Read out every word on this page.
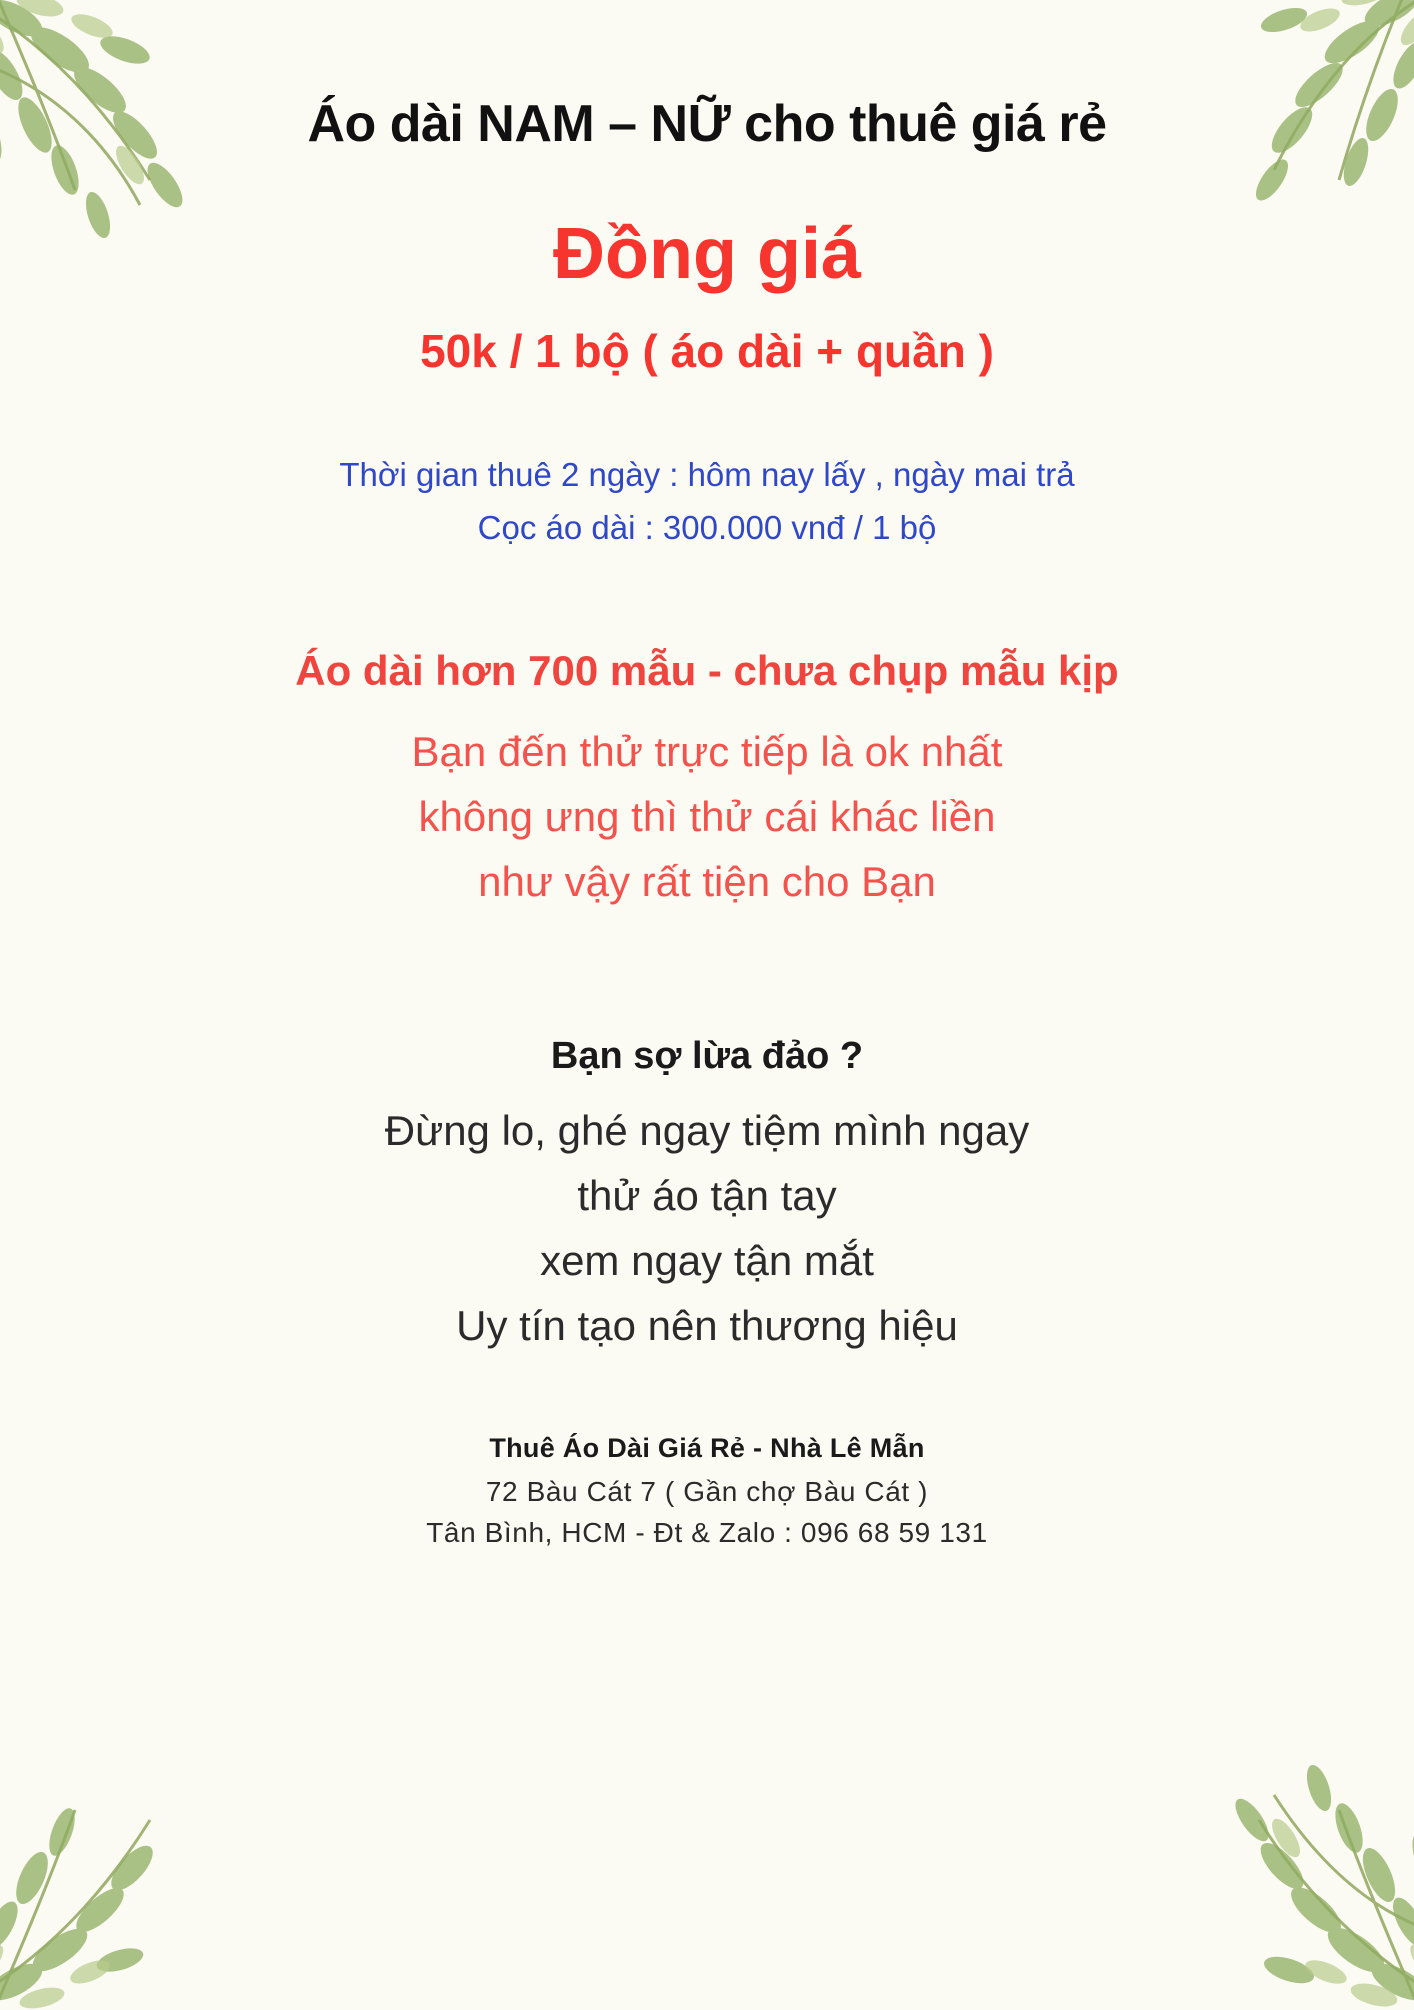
Áo dài NAM – NỮ cho thuê giá rẻ
Đồng giá
50k / 1 bộ ( áo dài + quần )
Thời gian thuê 2 ngày : hôm nay lấy , ngày mai trả
Cọc áo dài : 300.000 vnđ / 1 bộ
Áo dài hơn 700 mẫu - chưa chụp mẫu kịp
Bạn đến thử trực tiếp là ok nhất
không ưng thì thử cái khác liền
như vậy rất tiện cho Bạn
Bạn sợ lừa đảo ?
Đừng lo, ghé ngay tiệm mình ngay
thử áo tận tay
xem ngay tận mắt
Uy tín tạo nên thương hiệu
Thuê Áo Dài Giá Rẻ - Nhà Lê Mẫn
72 Bàu Cát 7 ( Gần chợ Bàu Cát )
Tân Bình, HCM - Đt & Zalo : 096 68 59 131
